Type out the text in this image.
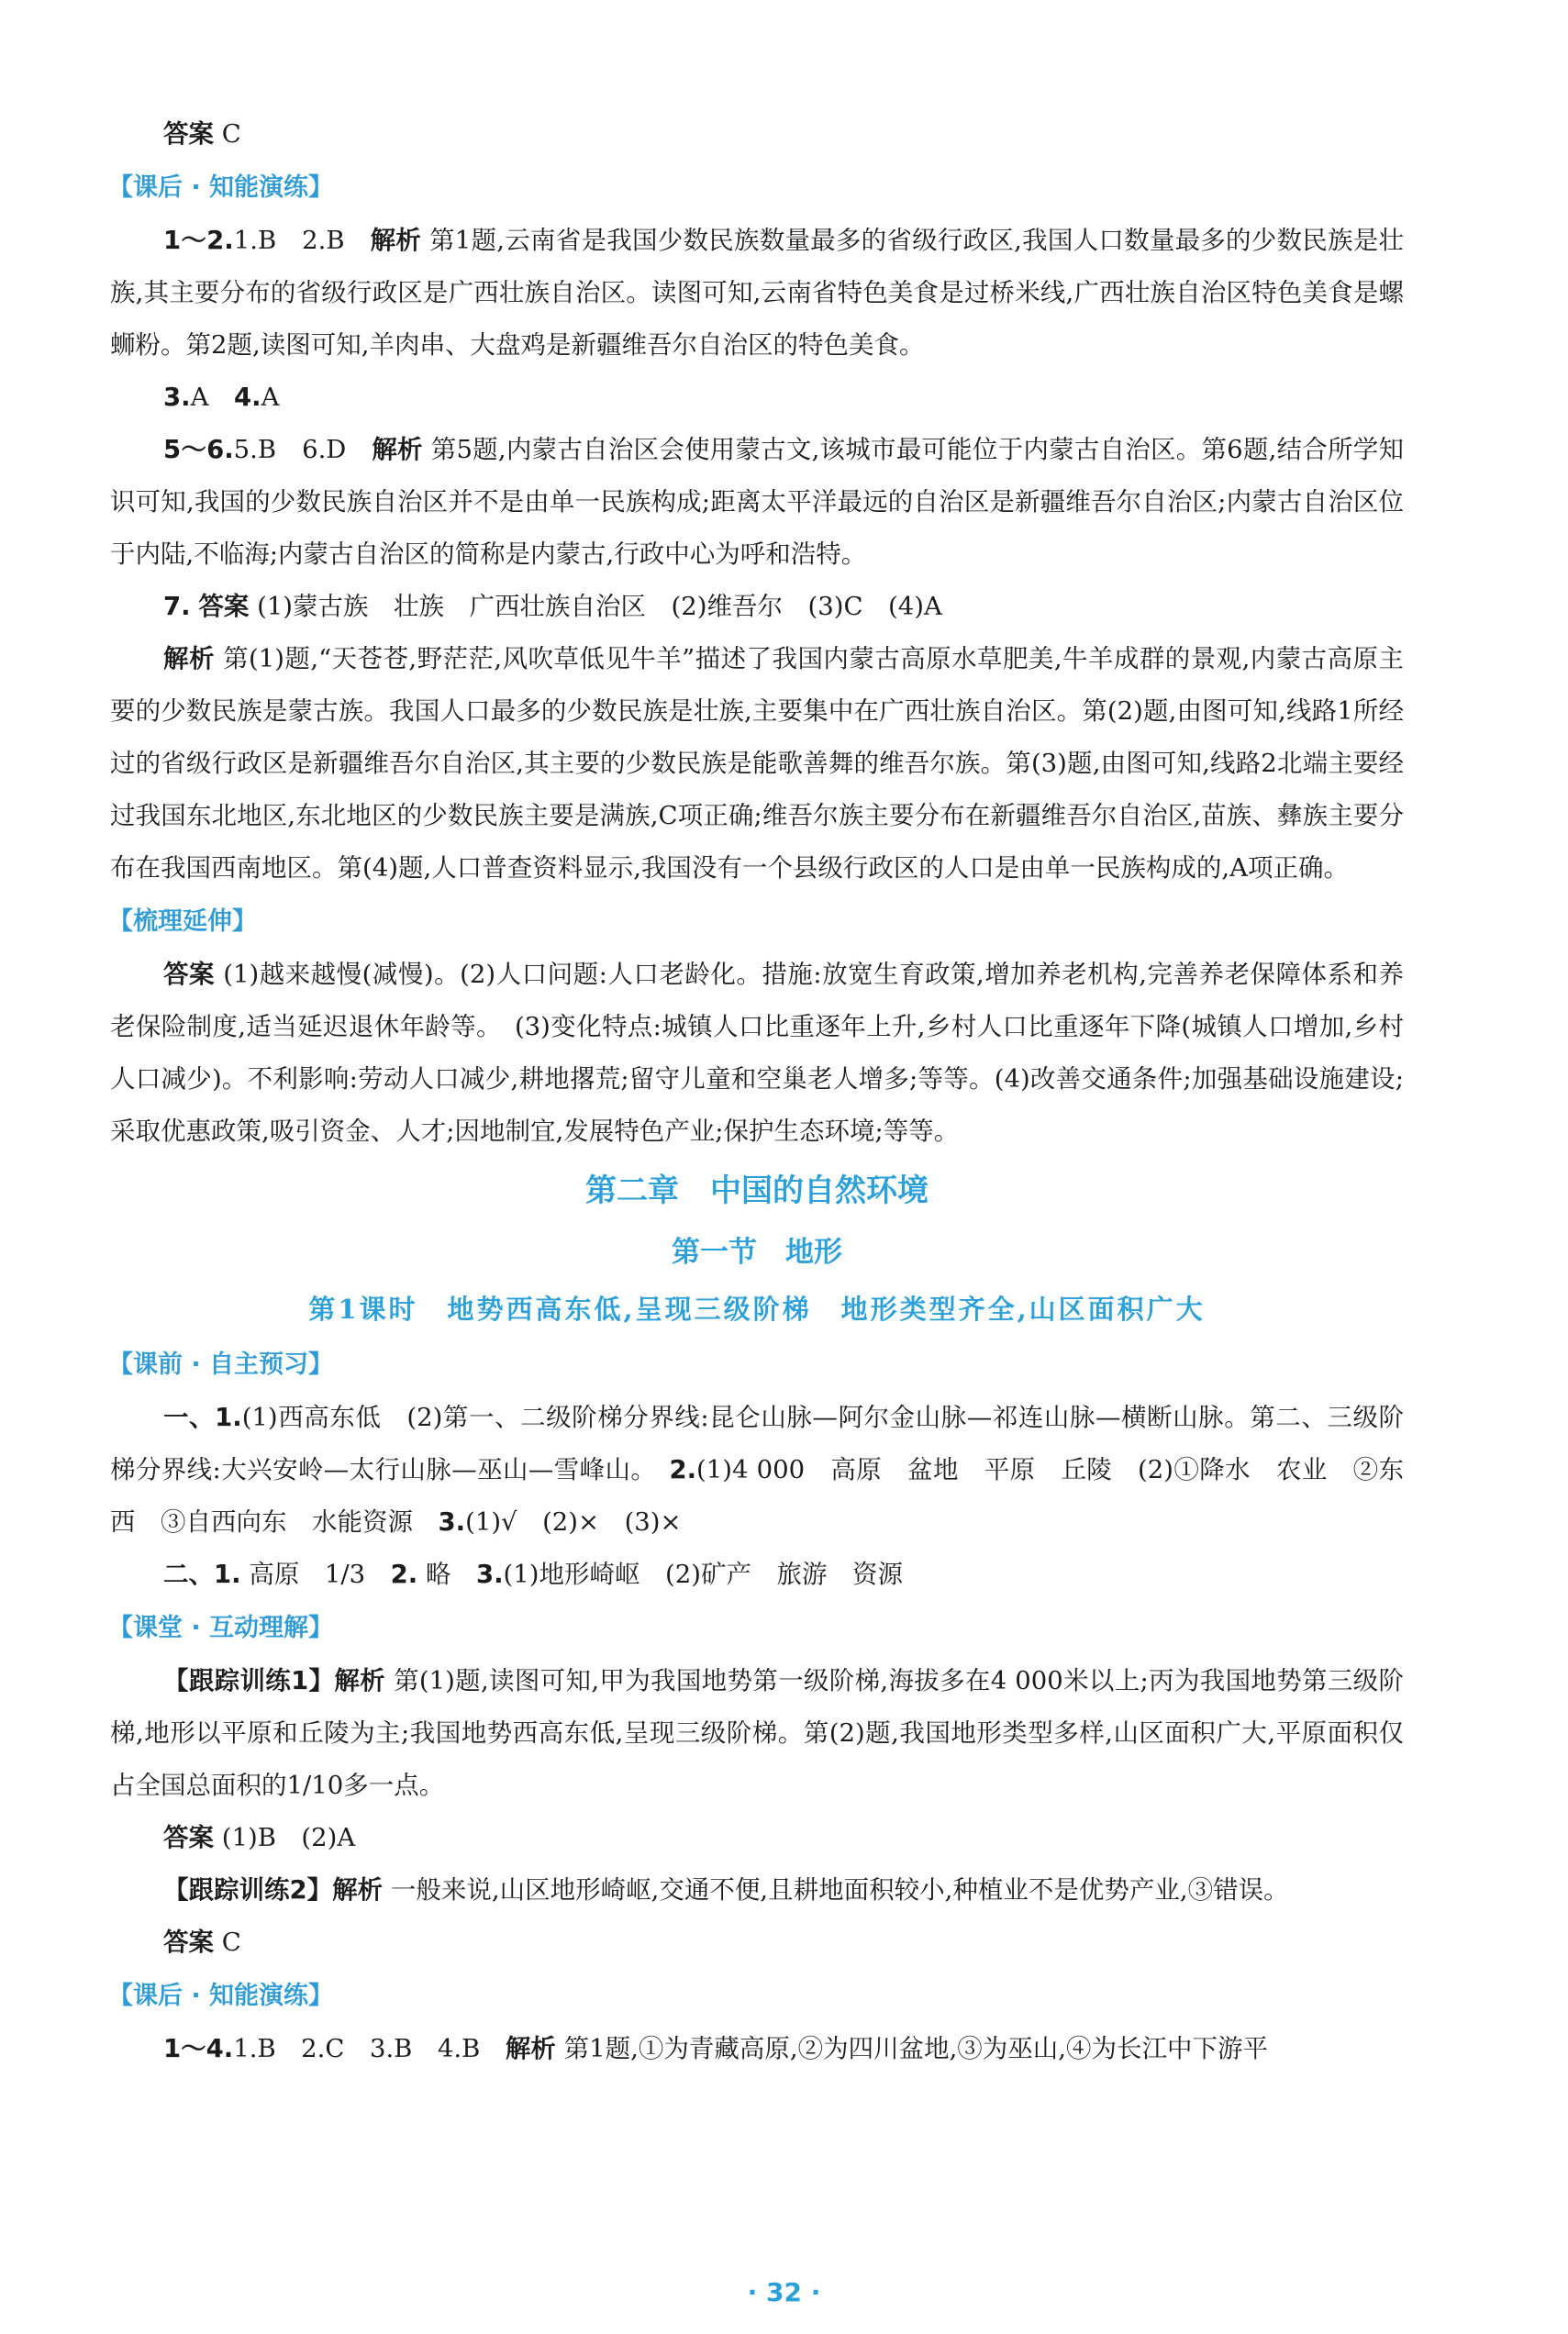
答案 C

【课后 · 知能演练】

1～2.1.B　2.B　解析 第1题,云南省是我国少数民族数量最多的省级行政区,我国人口数量最多的少数民族是壮族,其主要分布的省级行政区是广西壮族自治区。读图可知,云南省特色美食是过桥米线,广西壮族自治区特色美食是螺蛳粉。第2题,读图可知,羊肉串、大盘鸡是新疆维吾尔自治区的特色美食。

3.A　4.A

5～6.5.B　6.D　解析 第5题,内蒙古自治区会使用蒙古文,该城市最可能位于内蒙古自治区。第6题,结合所学知识可知,我国的少数民族自治区并不是由单一民族构成;距离太平洋最远的自治区是新疆维吾尔自治区;内蒙古自治区位于内陆,不临海;内蒙古自治区的简称是内蒙古,行政中心为呼和浩特。

7. 答案 (1)蒙古族　壮族　广西壮族自治区　(2)维吾尔　(3)C　(4)A

解析 第(1)题,“天苍苍,野茫茫,风吹草低见牛羊”描述了我国内蒙古高原水草肥美,牛羊成群的景观,内蒙古高原主要的少数民族是蒙古族。我国人口最多的少数民族是壮族,主要集中在广西壮族自治区。第(2)题,由图可知,线路1所经过的省级行政区是新疆维吾尔自治区,其主要的少数民族是能歌善舞的维吾尔族。第(3)题,由图可知,线路2北端主要经过我国东北地区,东北地区的少数民族主要是满族,C项正确;维吾尔族主要分布在新疆维吾尔自治区,苗族、彝族主要分布在我国西南地区。第(4)题,人口普查资料显示,我国没有一个县级行政区的人口是由单一民族构成的,A项正确。

【梳理延伸】

答案 (1)越来越慢(减慢)。(2)人口问题:人口老龄化。措施:放宽生育政策,增加养老机构,完善养老保障体系和养老保险制度,适当延迟退休年龄等。　(3)变化特点:城镇人口比重逐年上升,乡村人口比重逐年下降(城镇人口增加,乡村人口减少)。不利影响:劳动人口减少,耕地撂荒;留守儿童和空巢老人增多;等等。(4)改善交通条件;加强基础设施建设;采取优惠政策,吸引资金、人才;因地制宜,发展特色产业;保护生态环境;等等。

第二章　中国的自然环境
第一节　地形
第1课时　地势西高东低,呈现三级阶梯　地形类型齐全,山区面积广大
【课前 · 自主预习】

一、1.(1)西高东低　(2)第一、二级阶梯分界线:昆仑山脉—阿尔金山脉—祁连山脉—横断山脉。第二、三级阶梯分界线:大兴安岭—太行山脉—巫山—雪峰山。　2.(1)4 000　高原　盆地　平原　丘陵　(2)①降水　农业　②东西　③自西向东　水能资源　3.(1)√　(2)×　(3)×

二、1. 高原　1/3　2. 略　3.(1)地形崎岖　(2)矿产　旅游　资源

【课堂 · 互动理解】

【跟踪训练1】解析 第(1)题,读图可知,甲为我国地势第一级阶梯,海拔多在4 000米以上;丙为我国地势第三级阶梯,地形以平原和丘陵为主;我国地势西高东低,呈现三级阶梯。第(2)题,我国地形类型多样,山区面积广大,平原面积仅占全国总面积的1/10多一点。

答案 (1)B　(2)A

【跟踪训练2】解析 一般来说,山区地形崎岖,交通不便,且耕地面积较小,种植业不是优势产业,③错误。

答案 C

【课后 · 知能演练】

1～4.1.B　2.C　3.B　4.B　解析 第1题,①为青藏高原,②为四川盆地,③为巫山,④为长江中下游平

· 32 ·
